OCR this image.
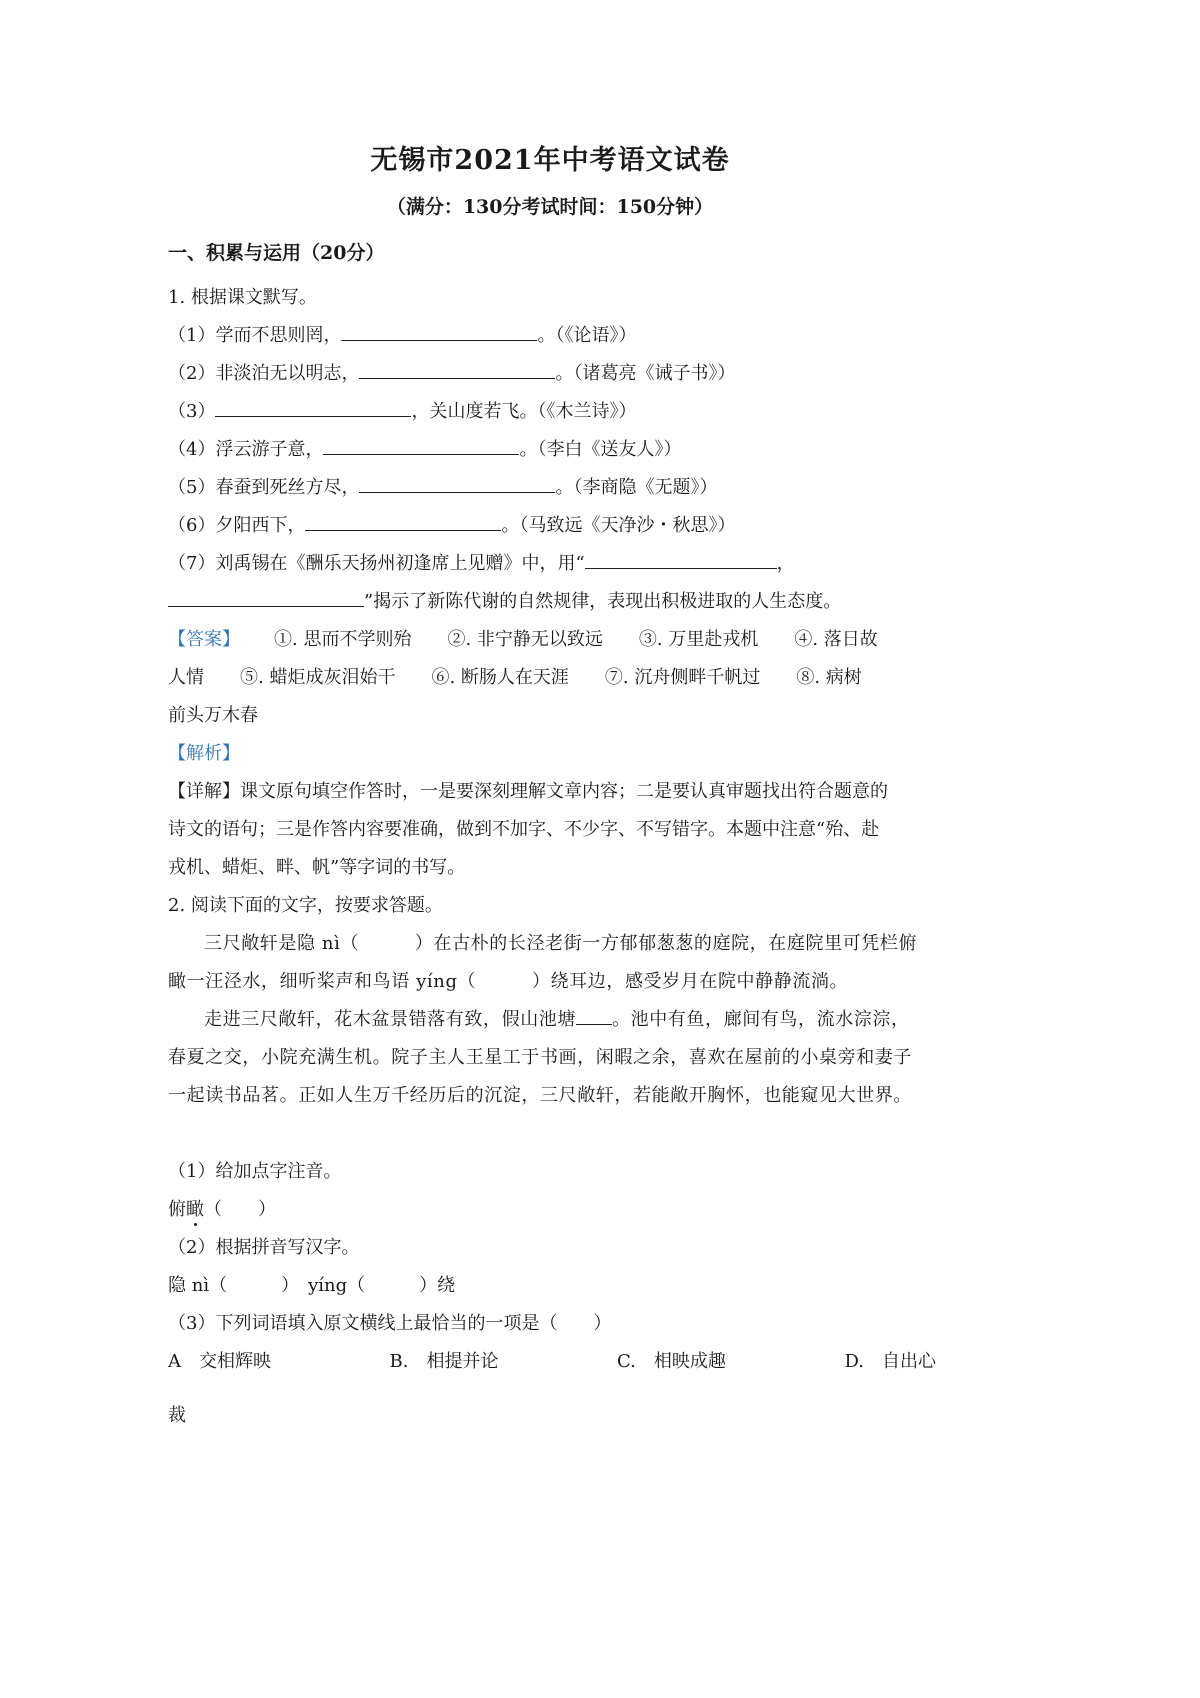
无锡市2021年中考语文试卷
（满分：130分考试时间：150分钟）
一、积累与运用（20分）
1. 根据课文默写。
（1）学而不思则罔，	。（《论语》）
（2）非淡泊无以明志，	。（诸葛亮《诫子书》）
（3）	，关山度若飞。（《木兰诗》）
（4）浮云游子意，	。（李白《送友人》）
（5）春蚕到死丝方尽，	。（李商隐《无题》）
（6）夕阳西下，	。（马致远《天净沙・秋思》）
（7）刘禹锡在《酬乐天扬州初逢席上见赠》中，用“	，
”揭示了新陈代谢的自然规律，表现出积极进取的人生态度。
【答案】 ①. 思而不学则殆　　②. 非宁静无以致远　　③. 万里赴戎机　　④. 落日故
人情　　⑤. 蜡炬成灰泪始干　　⑥. 断肠人在天涯　　⑦. 沉舟侧畔千帆过　　⑧. 病树
前头万木春
【解析】
【详解】课文原句填空作答时，一是要深刻理解文章内容；二是要认真审题找出符合题意的
诗文的语句；三是作答内容要准确，做到不加字、不少字、不写错字。本题中注意“殆、赴
戎机、蜡炬、畔、帆”等字词的书写。
2. 阅读下面的文字，按要求答题。
三尺敞轩是隐 nì（　　　）在古朴的长泾老街一方郁郁葱葱的庭院，在庭院里可凭栏俯
瞰一汪泾水，细听桨声和鸟语 yíng（　　　）绕耳边，感受岁月在院中静静流淌。
走进三尺敞轩，花木盆景错落有致，假山池塘 。池中有鱼，廊间有鸟，流水淙淙，
春夏之交，小院充满生机。院子主人王星工于书画，闲暇之余，喜欢在屋前的小桌旁和妻子
一起读书品茗。正如人生万千经历后的沉淀，三尺敞轩，若能敞开胸怀，也能窥见大世界。
（1）给加点字注音。
俯瞰（　　）
（2）根据拼音写汉字。
隐 nì（　　　）　yíng（　　　）绕
（3）下列词语填入原文横线上最恰当的一项是（　　）
A　交相辉映	B.　相提并论	C.　相映成趣	D.　自出心
裁
